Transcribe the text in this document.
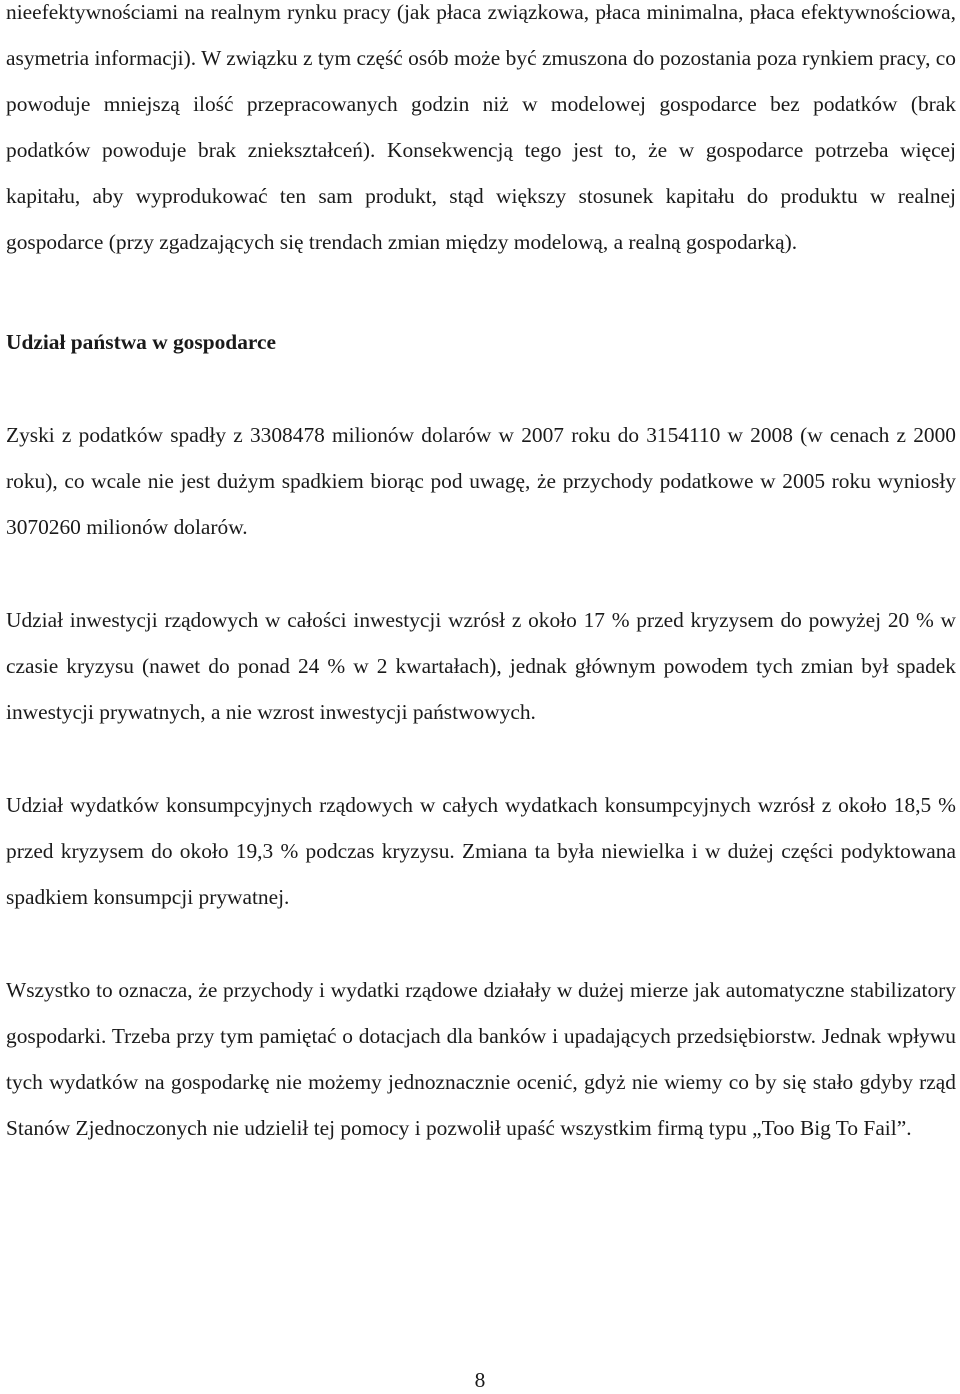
nieefektywnościami na realnym rynku pracy (jak płaca związkowa, płaca minimalna, płaca efektywnościowa, asymetria informacji). W związku z tym część osób może być zmuszona do pozostania poza rynkiem pracy, co powoduje mniejszą ilość przepracowanych godzin niż w modelowej gospodarce bez podatków (brak podatków powoduje brak zniekształceń). Konsekwencją tego jest to, że w gospodarce potrzeba więcej kapitału, aby wyprodukować ten sam produkt, stąd większy stosunek kapitału do produktu w realnej gospodarce (przy zgadzających się trendach zmian między modelową, a realną gospodarką).

Udział państwa w gospodarce

Zyski z podatków spadły z 3308478 milionów dolarów w 2007 roku do 3154110 w 2008 (w cenach z 2000 roku), co wcale nie jest dużym spadkiem biorąc pod uwagę, że przychody podatkowe w 2005 roku wyniosły 3070260 milionów dolarów.

Udział inwestycji rządowych w całości inwestycji wzrósł z około 17 % przed kryzysem do powyżej 20 % w czasie kryzysu (nawet do ponad 24 % w 2 kwartałach), jednak głównym powodem tych zmian był spadek inwestycji prywatnych, a nie wzrost inwestycji państwowych.

Udział wydatków konsumpcyjnych rządowych w całych wydatkach konsumpcyjnych wzrósł z około 18,5 % przed kryzysem do około 19,3 % podczas kryzysu. Zmiana ta była niewielka i w dużej części podyktowana spadkiem konsumpcji prywatnej.

Wszystko to oznacza, że przychody i wydatki rządowe działały w dużej mierze jak automatyczne stabilizatory gospodarki. Trzeba przy tym pamiętać o dotacjach dla banków i upadających przedsiębiorstw. Jednak wpływu tych wydatków na gospodarkę nie możemy jednoznacznie ocenić, gdyż nie wiemy co by się stało gdyby rząd Stanów Zjednoczonych nie udzielił tej pomocy i pozwolił upaść wszystkim firmą typu „Too Big To Fail”.

8
